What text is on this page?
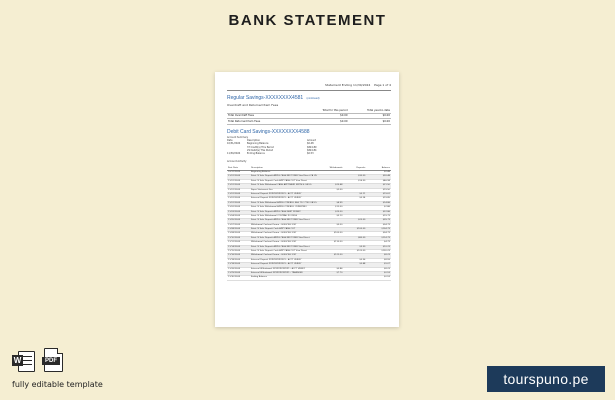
BANK STATEMENT
Statement Ending 11/30/2024 Page 1 of 4
Regular Savings-XXXXXXXX4581 (continued)
Overdraft and Returned Item Fees
	Total for this period	Total year-to-date
Total Overdraft Fees	$0.00	$0.00
Total Returned Item Fees	$0.00	$0.00
Debit Card Savings-XXXXXXXX4588
Account Summary
Date	Description	Amount
10/31/2024	Beginning Balance	$0.48
37 Credit(s) This Period	$824.89
29 Debit(s) This Period	$824.84
11/30/2024	Ending Balance	$0.53
Account Activity
Post Date	Description	Withdrawals	Deposits	Balance
10/31/2024	Beginning Balance			$0.48
11/01/2024	Point Of Sale Deposit APPLE CASH INST XFER Visa Direct CA US		$30.00	$30.48
11/01/2024	Point Of Sale Deposit Cash APP*CASH OUT Visa Direct		$16.50	$46.98
11/01/2024	Point Of Sale Withdrawal CASH APP*DAVID SMITH 6 CA US	$25.48		$21.50
11/01/2024	Paper Statement Fee	$2.00		$19.50
11/01/2024	External Deposit XXXXXXXXXXX1 - ACCT VERIFY		$0.11	$19.61
11/01/2024	External Deposit XXXXXXXXXXX1 - ACCT VERIFY		$0.24	$19.85
11/01/2024	Point Of Sale Withdrawal APPLE.COM/BILL 866 712 7753 CA US	$4.99		$14.86
11/02/2024	Point Of Sale Withdrawal APPLE.COM/BILL CUPERTINO	$12.00		$2.86
11/03/2024	Point Of Sale Deposit APPLE CASH SENT MONEY	$25.00		$22.86
11/04/2024	Point Of Sale Withdrawal COSTPALI PO DESS	$3.13		$19.73
11/05/2024	Point Of Sale Deposit APPLE CASH INST XFER Visa Direct		$20.00	$39.73
11/07/2024	Withdrawal Cashout Promo - 0000CSH 3 NY	$5.00		$34.73
11/08/2024	Point Of Sale Deposit Cash APP*CASH OUT		$100.00	$134.73
11/08/2024	Withdrawal Cashout Promo - 0000CSH 3 NY	$100.00		$34.73
11/10/2024	Point Of Sale Deposit APPLE CASH INST XFER Visa Direct		$80.00	$114.73
11/12/2024	Withdrawal Cashout Promo - 0000CSH 3 NY	$110.00		$4.73
11/14/2024	Point Of Sale Deposit APPLE CASH INST XFER Visa Direct		$5.50	$10.23
11/15/2024	Point Of Sale Deposit Cash APP*CASH OUT Visa Direct		$120.00	$130.23
11/16/2024	Withdrawal Cashout Promo - 0000CSH 3 NY	$122.00		$8.23
11/18/2024	External Deposit XXXXXXXXXXX1 - ACCT VERIFY		$0.36	$8.59
11/18/2024	External Deposit XXXXXXXXXXX1 - ACCT VERIFY		$0.48	$9.07
11/26/2024	External Withdrawal XXXXXXXXXXX1 - ACCT VERIFY	$0.84		$8.23
11/29/2024	External Withdrawal XXXXXXXXXXX1 - TRANSFER	$7.70		$0.53
11/30/2024	Ending Balance			$0.53
W	PDF
fully editable template	tourspuno.pe
